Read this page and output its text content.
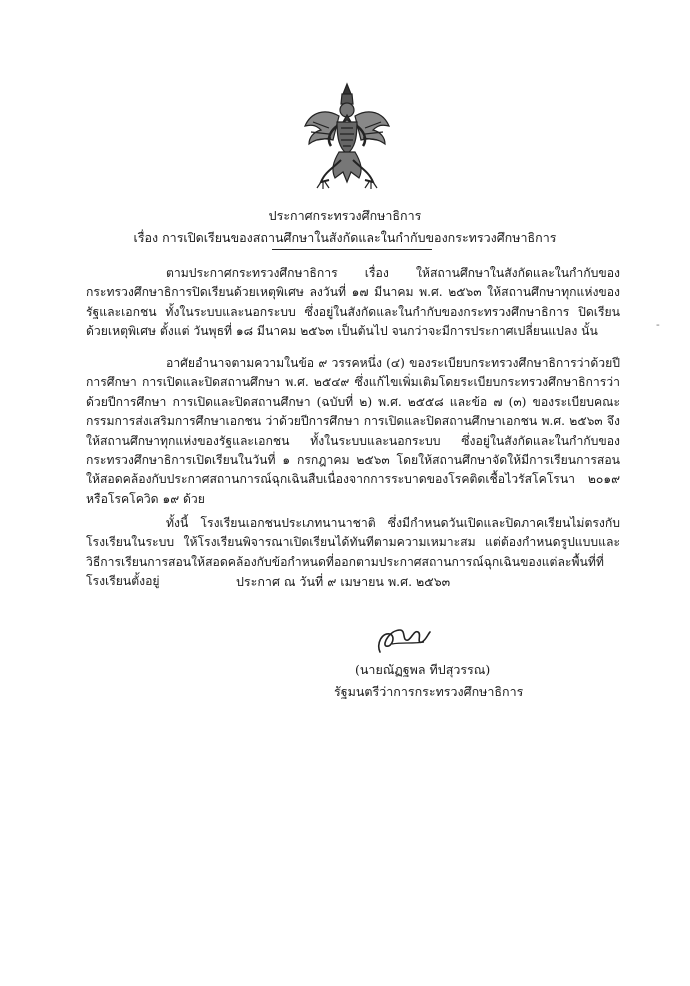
ประกาศกระทรวงศึกษาธิการ
เรื่อง การเปิดเรียนของสถานศึกษาในสังกัดและในกำกับของกระทรวงศึกษาธิการ
ตามประกาศกระทรวงศึกษาธิการ เรื่อง ให้สถานศึกษาในสังกัดและในกำกับของกระทรวงศึกษาธิการปิดเรียนด้วยเหตุพิเศษ ลงวันที่ ๑๗ มีนาคม พ.ศ. ๒๕๖๓ ให้สถานศึกษาทุกแห่งของรัฐและเอกชน ทั้งในระบบและนอกระบบ ซึ่งอยู่ในสังกัดและในกำกับของกระทรวงศึกษาธิการ ปิดเรียนด้วยเหตุพิเศษ ตั้งแต่ วันพุธที่ ๑๘ มีนาคม ๒๕๖๓ เป็นต้นไป จนกว่าจะมีการประกาศเปลี่ยนแปลง นั้น
อาศัยอำนาจตามความในข้อ ๙ วรรคหนึ่ง (๔) ของระเบียบกระทรวงศึกษาธิการว่าด้วยปีการศึกษา การเปิดและปิดสถานศึกษา พ.ศ. ๒๕๔๙ ซึ่งแก้ไขเพิ่มเติมโดยระเบียบกระทรวงศึกษาธิการว่าด้วยปีการศึกษา การเปิดและปิดสถานศึกษา (ฉบับที่ ๒) พ.ศ. ๒๕๕๘ และข้อ ๗ (๓) ของระเบียบคณะกรรมการส่งเสริมการศึกษาเอกชน ว่าด้วยปีการศึกษา การเปิดและปิดสถานศึกษาเอกชน พ.ศ. ๒๕๖๓ จึงให้สถานศึกษาทุกแห่งของรัฐและเอกชน ทั้งในระบบและนอกระบบ ซึ่งอยู่ในสังกัดและในกำกับของกระทรวงศึกษาธิการเปิดเรียนในวันที่ ๑ กรกฎาคม ๒๕๖๓ โดยให้สถานศึกษาจัดให้มีการเรียนการสอนให้สอดคล้องกับประกาศสถานการณ์ฉุกเฉินสืบเนื่องจากการระบาดของโรคติดเชื้อไวรัสโคโรนา ๒๐๑๙ หรือโรคโควิด ๑๙ ด้วย
ทั้งนี้ โรงเรียนเอกชนประเภทนานาชาติ ซึ่งมีกำหนดวันเปิดและปิดภาคเรียนไม่ตรงกับโรงเรียนในระบบ ให้โรงเรียนพิจารณาเปิดเรียนได้ทันทีตามความเหมาะสม แต่ต้องกำหนดรูปแบบและวิธีการเรียนการสอนให้สอดคล้องกับข้อกำหนดที่ออกตามประกาศสถานการณ์ฉุกเฉินของแต่ละพื้นที่ที่โรงเรียนตั้งอยู่
-
ประกาศ ณ วันที่ ๙ เมษายน พ.ศ. ๒๕๖๓
(นายณัฏฐพล ทีปสุวรรณ)
รัฐมนตรีว่าการกระทรวงศึกษาธิการ
